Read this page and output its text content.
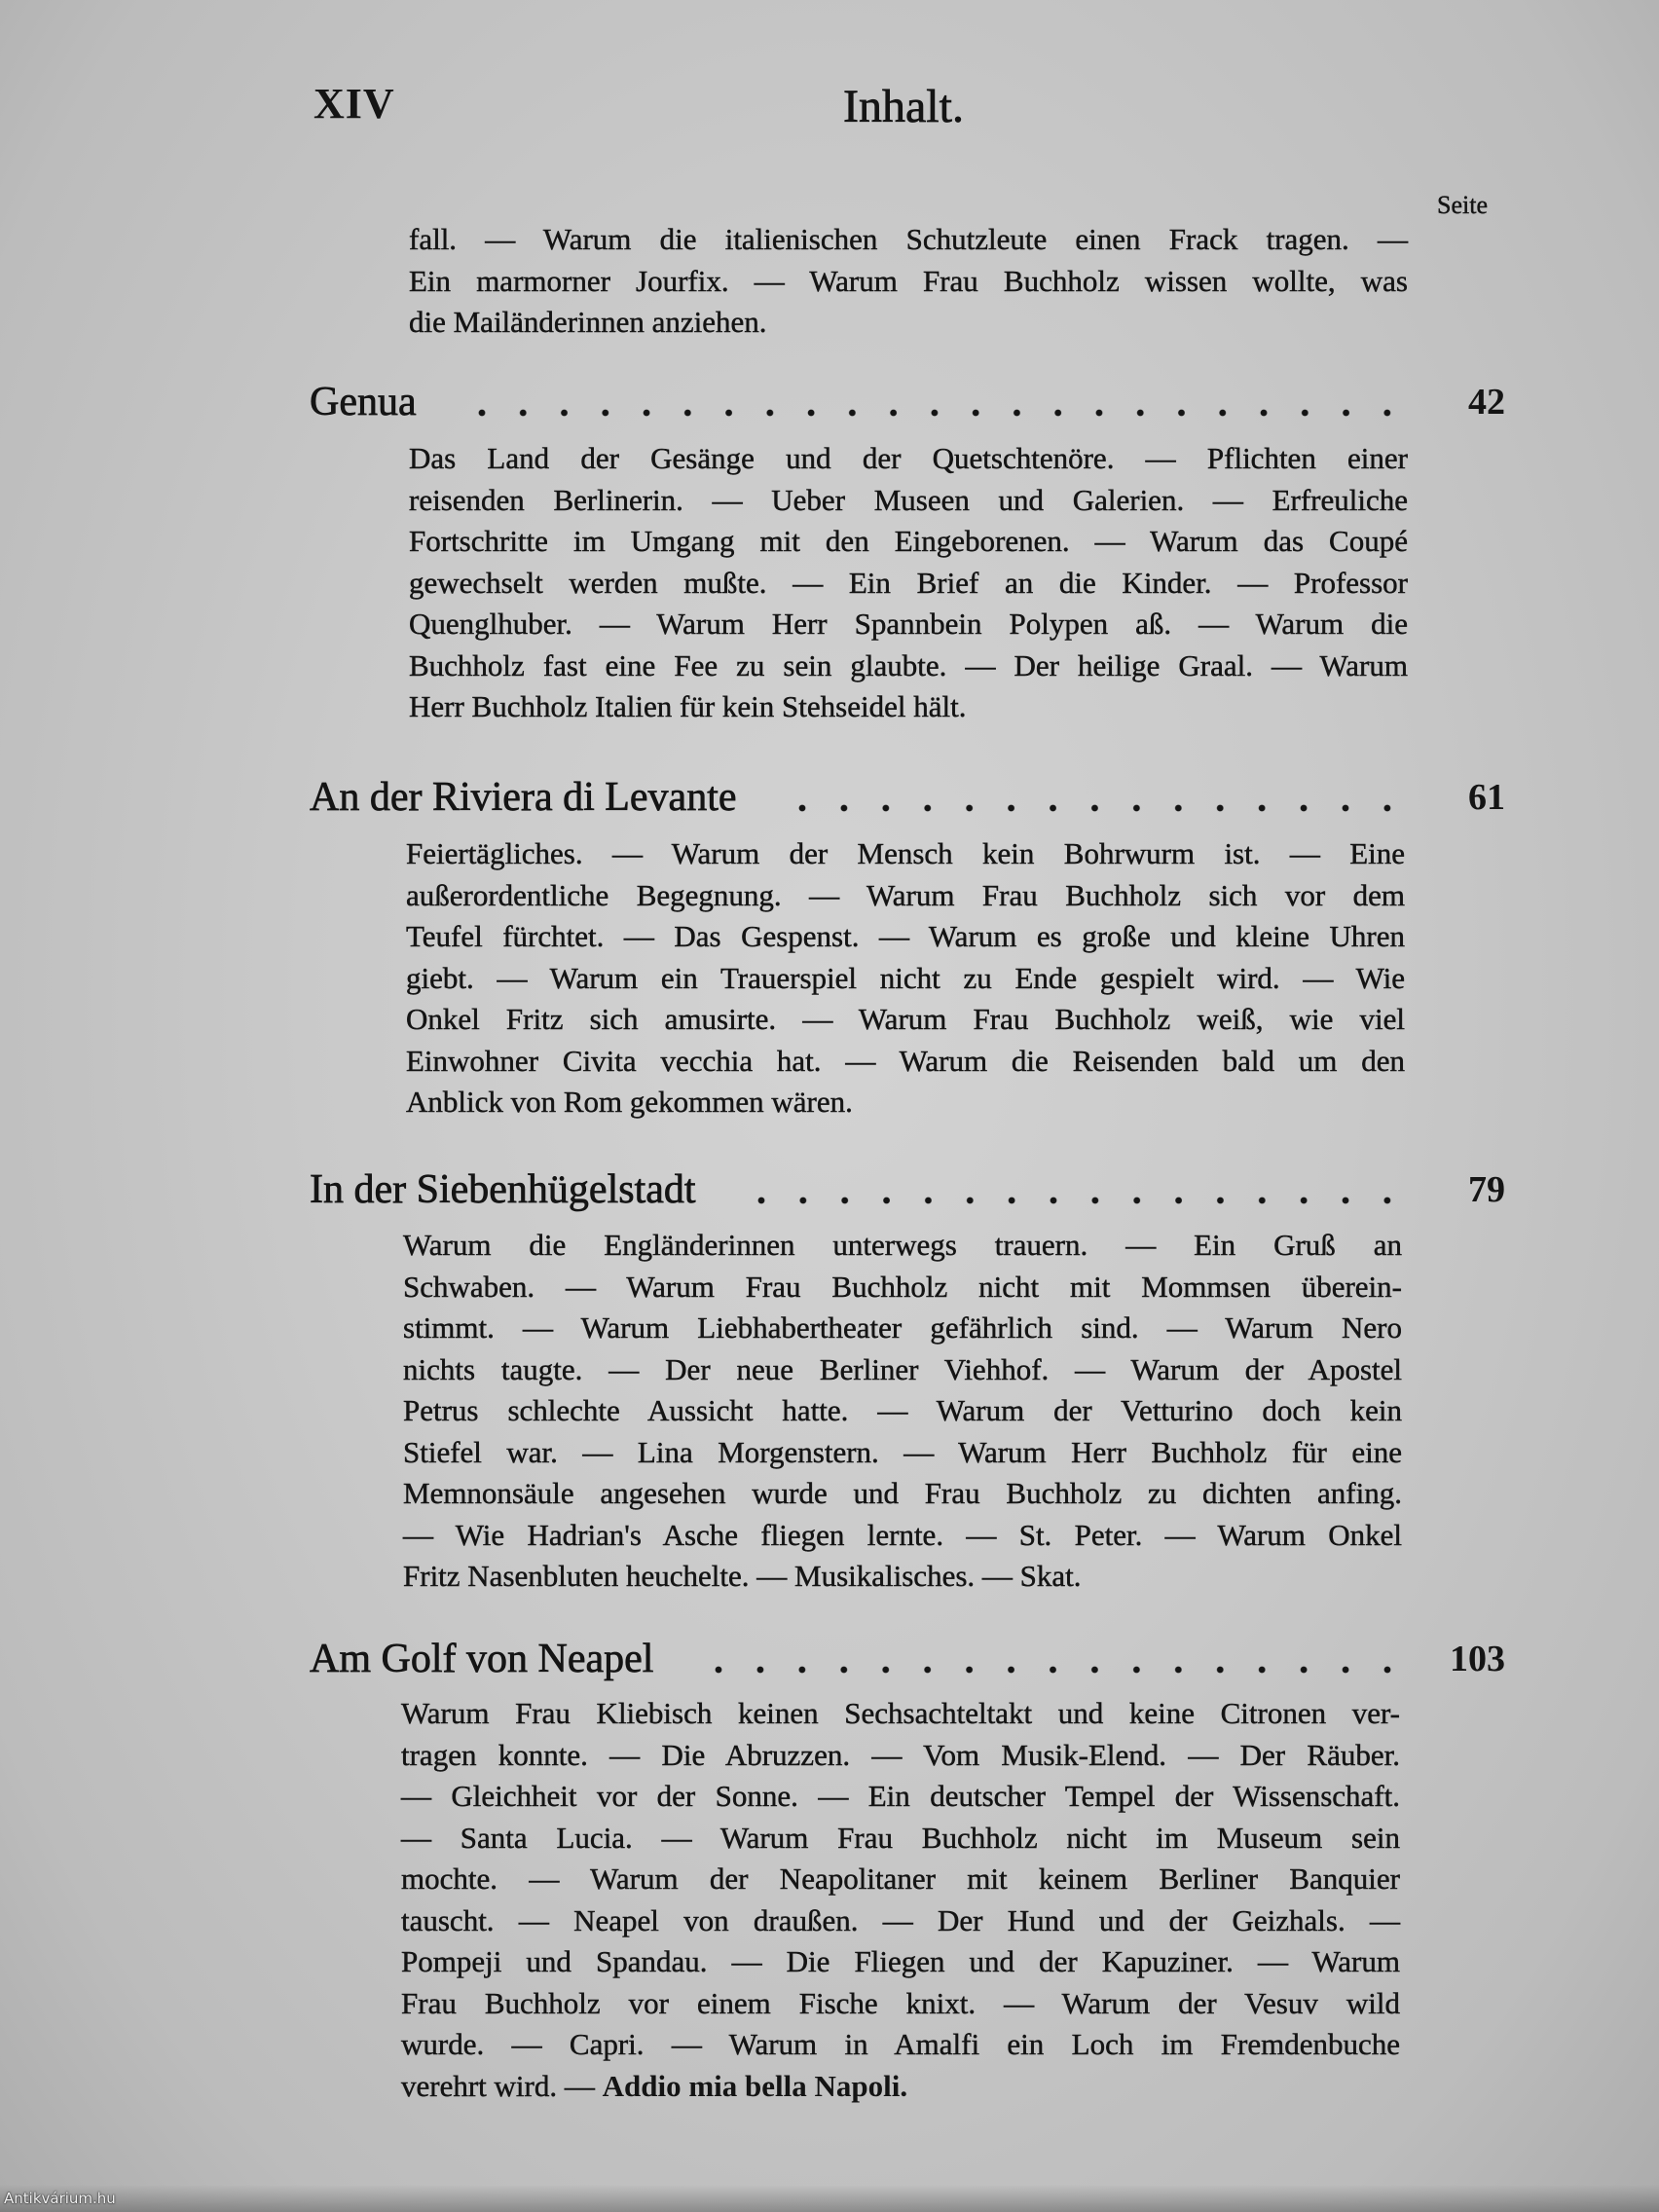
XIV	Inhalt.
Seite
fall. — Warum die italienischen Schutzleute einen Frack tragen. —
Ein marmorner Jourfix. — Warum Frau Buchholz wissen wollte, was
die Mailänderinnen anziehen.
Genua	42
Das Land der Gesänge und der Quetschtenöre. — Pflichten einer
reisenden Berlinerin. — Ueber Museen und Galerien. — Erfreuliche
Fortschritte im Umgang mit den Eingeborenen. — Warum das Coupé
gewechselt werden mußte. — Ein Brief an die Kinder. — Professor
Quenglhuber. — Warum Herr Spannbein Polypen aß. — Warum die
Buchholz fast eine Fee zu sein glaubte. — Der heilige Graal. — Warum
Herr Buchholz Italien für kein Stehseidel hält.
An der Riviera di Levante	61
Feiertägliches. — Warum der Mensch kein Bohrwurm ist. — Eine
außerordentliche Begegnung. — Warum Frau Buchholz sich vor dem
Teufel fürchtet. — Das Gespenst. — Warum es große und kleine Uhren
giebt. — Warum ein Trauerspiel nicht zu Ende gespielt wird. — Wie
Onkel Fritz sich amusirte. — Warum Frau Buchholz weiß, wie viel
Einwohner Civita vecchia hat. — Warum die Reisenden bald um den
Anblick von Rom gekommen wären.
In der Siebenhügelstadt	79
Warum die Engländerinnen unterwegs trauern. — Ein Gruß an
Schwaben. — Warum Frau Buchholz nicht mit Mommsen überein-
stimmt. — Warum Liebhabertheater gefährlich sind. — Warum Nero
nichts taugte. — Der neue Berliner Viehhof. — Warum der Apostel
Petrus schlechte Aussicht hatte. — Warum der Vetturino doch kein
Stiefel war. — Lina Morgenstern. — Warum Herr Buchholz für eine
Memnonsäule angesehen wurde und Frau Buchholz zu dichten anfing.
— Wie Hadrian's Asche fliegen lernte. — St. Peter. — Warum Onkel
Fritz Nasenbluten heuchelte. — Musikalisches. — Skat.
Am Golf von Neapel	103
Warum Frau Kliebisch keinen Sechsachteltakt und keine Citronen ver-
tragen konnte. — Die Abruzzen. — Vom Musik-Elend. — Der Räuber.
— Gleichheit vor der Sonne. — Ein deutscher Tempel der Wissenschaft.
— Santa Lucia. — Warum Frau Buchholz nicht im Museum sein
mochte. — Warum der Neapolitaner mit keinem Berliner Banquier
tauscht. — Neapel von draußen. — Der Hund und der Geizhals. —
Pompeji und Spandau. — Die Fliegen und der Kapuziner. — Warum
Frau Buchholz vor einem Fische knixt. — Warum der Vesuv wild
wurde. — Capri. — Warum in Amalfi ein Loch im Fremdenbuche
verehrt wird. — Addio mia bella Napoli.
Antikvárium.hu
